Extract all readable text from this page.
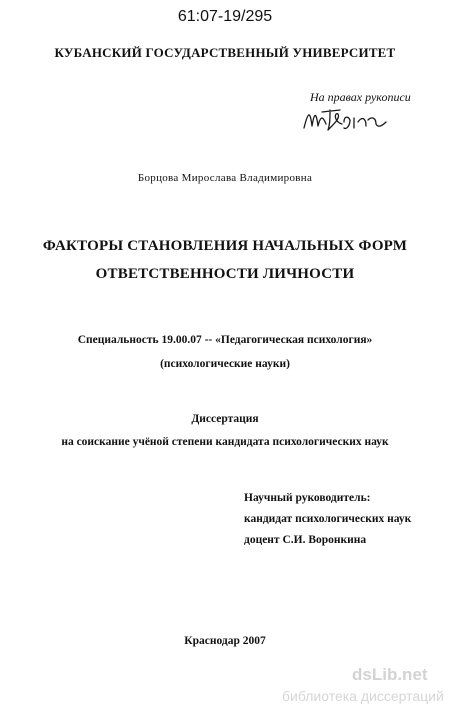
61:07-19/295
КУБАНСКИЙ ГОСУДАРСТВЕННЫЙ УНИВЕРСИТЕТ
На правах рукописи
Борцова Мирослава Владимировна
ФАКТОРЫ СТАНОВЛЕНИЯ НАЧАЛЬНЫХ ФОРМ
ОТВЕТСТВЕННОСТИ ЛИЧНОСТИ
Специальность 19.00.07 -- «Педагогическая психология»
(психологические науки)
Диссертация
на соискание учёной степени кандидата психологических наук
Научный руководитель:
кандидат психологических наук
доцент С.И. Воронкина
Краснодар 2007
dsLib.net
библиотека диссертаций
